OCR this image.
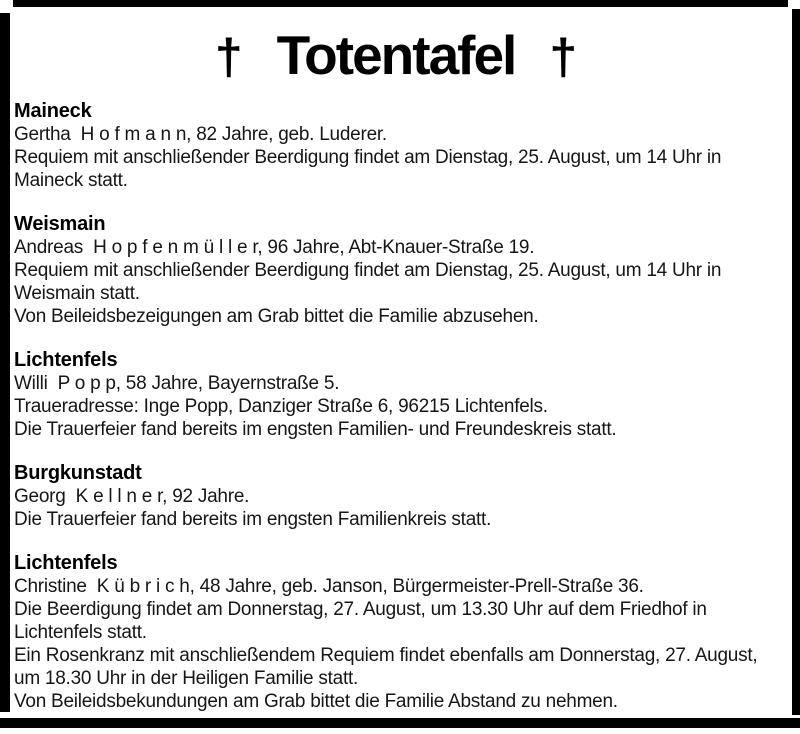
† Totentafel †
Maineck
Gertha  H o f m a n n, 82 Jahre, geb. Luderer.
Requiem mit anschließender Beerdigung findet am Dienstag, 25. August, um 14 Uhr in
Maineck statt.
Weismain
Andreas  H o p f e n m ü l l e r, 96 Jahre, Abt-Knauer-Straße 19.
Requiem mit anschließender Beerdigung findet am Dienstag, 25. August, um 14 Uhr in
Weismain statt.
Von Beileidsbezeigungen am Grab bittet die Familie abzusehen.
Lichtenfels
Willi  P o p p, 58 Jahre, Bayernstraße 5.
Traueradresse: Inge Popp, Danziger Straße 6, 96215 Lichtenfels.
Die Trauerfeier fand bereits im engsten Familien- und Freundeskreis statt.
Burgkunstadt
Georg  K e l l n e r, 92 Jahre.
Die Trauerfeier fand bereits im engsten Familienkreis statt.
Lichtenfels
Christine  K ü b r i c h, 48 Jahre, geb. Janson, Bürgermeister-Prell-Straße 36.
Die Beerdigung findet am Donnerstag, 27. August, um 13.30 Uhr auf dem Friedhof in
Lichtenfels statt.
Ein Rosenkranz mit anschließendem Requiem findet ebenfalls am Donnerstag, 27. August,
um 18.30 Uhr in der Heiligen Familie statt.
Von Beileidsbekundungen am Grab bittet die Familie Abstand zu nehmen.
